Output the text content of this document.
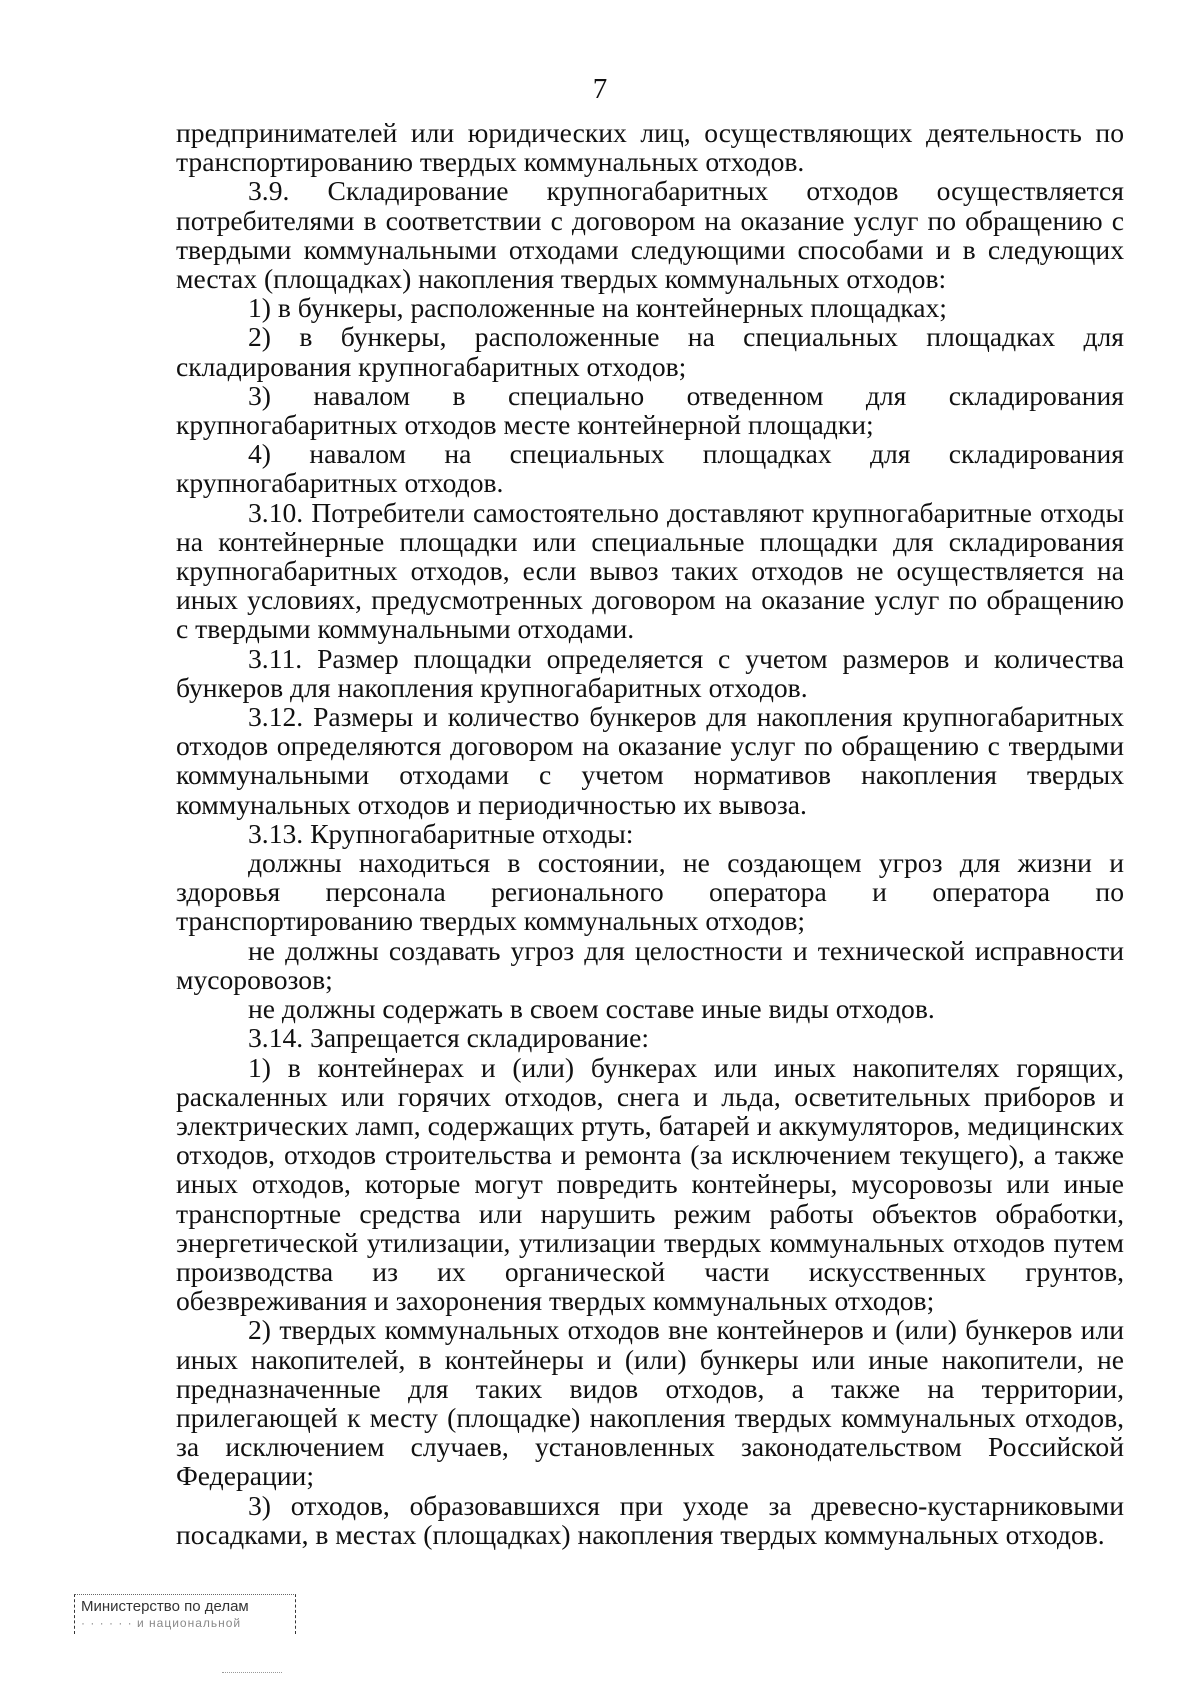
7

предпринимателей или юридических лиц, осуществляющих деятельность по транспортированию твердых коммунальных отходов.

3.9. Складирование крупногабаритных отходов осуществляется потребителями в соответствии с договором на оказание услуг по обращению с твердыми коммунальными отходами следующими способами и в следующих местах (площадках) накопления твердых коммунальных отходов:

1) в бункеры, расположенные на контейнерных площадках;

2) в бункеры, расположенные на специальных площадках для складирования крупногабаритных отходов;

3) навалом в специально отведенном для складирования крупногабаритных отходов месте контейнерной площадки;

4) навалом на специальных площадках для складирования крупногабаритных отходов.

3.10. Потребители самостоятельно доставляют крупногабаритные отходы на контейнерные площадки или специальные площадки для складирования крупногабаритных отходов, если вывоз таких отходов не осуществляется на иных условиях, предусмотренных договором на оказание услуг по обращению с твердыми коммунальными отходами.

3.11. Размер площадки определяется с учетом размеров и количества бункеров для накопления крупногабаритных отходов.

3.12. Размеры и количество бункеров для накопления крупногабаритных отходов определяются договором на оказание услуг по обращению с твердыми коммунальными отходами с учетом нормативов накопления твердых коммунальных отходов и периодичностью их вывоза.

3.13. Крупногабаритные отходы:

должны находиться в состоянии, не создающем угроз для жизни и здоровья персонала регионального оператора и оператора по транспортированию твердых коммунальных отходов;

не должны создавать угроз для целостности и технической исправности мусоровозов;

не должны содержать в своем составе иные виды отходов.

3.14. Запрещается складирование:

1) в контейнерах и (или) бункерах или иных накопителях горящих, раскаленных или горячих отходов, снега и льда, осветительных приборов и электрических ламп, содержащих ртуть, батарей и аккумуляторов, медицинских отходов, отходов строительства и ремонта (за исключением текущего), а также иных отходов, которые могут повредить контейнеры, мусоровозы или иные транспортные средства или нарушить режим работы объектов обработки, энергетической утилизации, утилизации твердых коммунальных отходов путем производства из их органической части искусственных грунтов, обезвреживания и захоронения твердых коммунальных отходов;

2) твердых коммунальных отходов вне контейнеров и (или) бункеров или иных накопителей, в контейнеры и (или) бункеры или иные накопители, не предназначенные для таких видов отходов, а также на территории, прилегающей к месту (площадке) накопления твердых коммунальных отходов, за исключением случаев, установленных законодательством Российской Федерации;

3) отходов, образовавшихся при уходе за древесно-кустарниковыми посадками, в местах (площадках) накопления твердых коммунальных отходов.

Министерство по делам
· · · · · · и национальной
